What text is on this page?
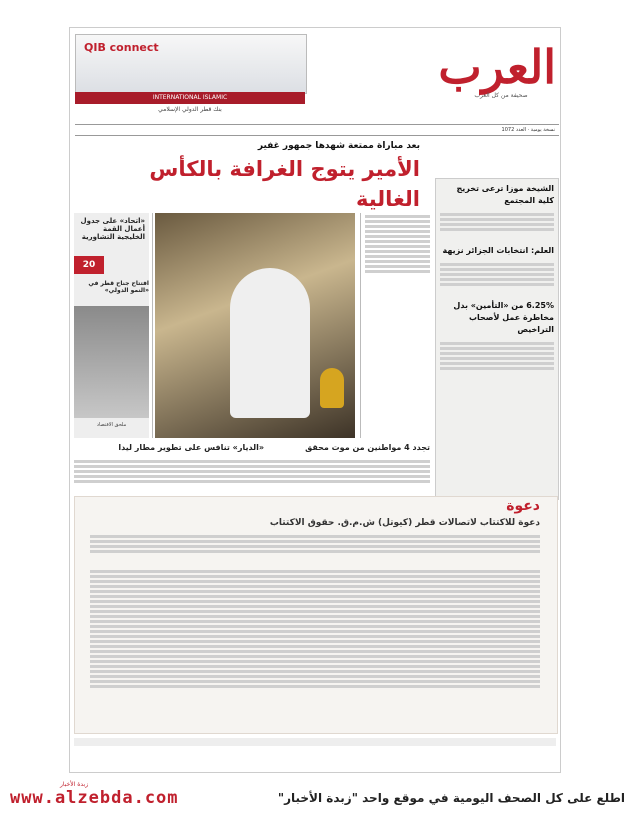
العرب
صحيفة من كل العرب
QIB connect
INTERNATIONAL ISLAMIC
بنك قطر الدولي الإسلامي
نسخة يومية · العدد 1072
بعد مباراة ممتعة شهدها جمهور غفير
الأمير يتوج الغرافة بالكأس الغالية
«اتحاد» على جدول أعمال القمة الخليجية التشاورية
20
افتتاح جناح قطر في «النمو الدولي»
ملحق الاقتصاد
الشيخة موزا ترعى تخريج كلية المجتمع
العلم: انتخابات الجزائر نزيهة
6.25% من «التأمين» بدل مخاطرة عمل لأصحاب التراخيص
«الديار» تنافس على تطوير مطار ليدا	تجدد 4 مواطنين من موت محقق
دعوة
دعوة للاكتتاب لاتصالات قطر (كيوتل) ش.م.ق. حقوق الاكتتاب
زبدة الأخبار
www.alzebda.com	اطلع على كل الصحف اليومية في موقع واحد "زبدة الأخبار"
